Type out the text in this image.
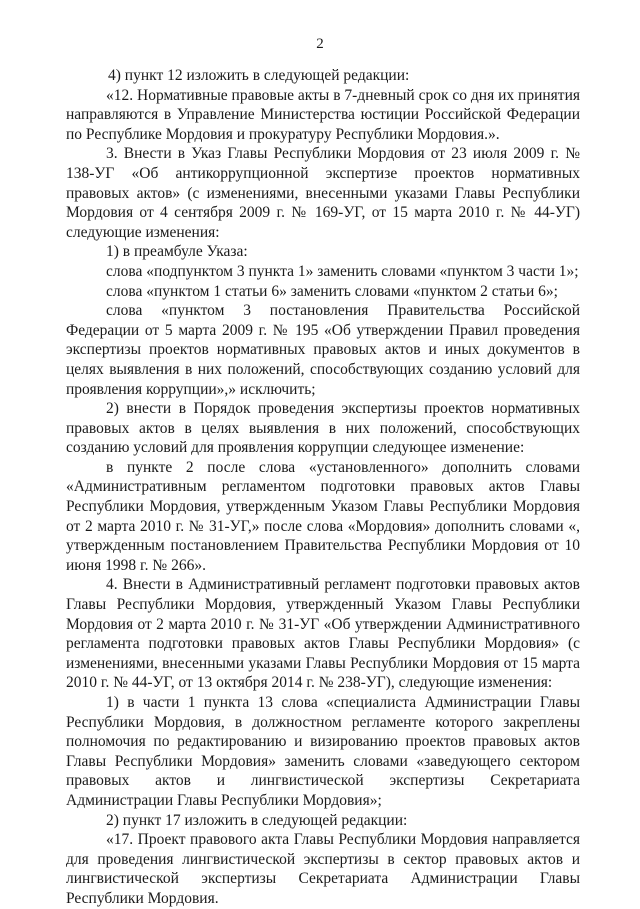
2

4) пункт 12 изложить в следующей редакции:

«12. Нормативные правовые акты в 7-дневный срок со дня их принятия направляются в Управление Министерства юстиции Российской Федерации по Республике Мордовия и прокуратуру Республики Мордовия.».

3. Внести в Указ Главы Республики Мордовия от 23 июля 2009 г. № 138-УГ «Об антикоррупционной экспертизе проектов нормативных правовых актов» (с изменениями, внесенными указами Главы Республики Мордовия от 4 сентября 2009 г. № 169-УГ, от 15 марта 2010 г. № 44-УГ) следующие изменения:

1) в преамбуле Указа:

слова «подпунктом 3 пункта 1» заменить словами «пунктом 3 части 1»;

слова «пунктом 1 статьи 6» заменить словами «пунктом 2 статьи 6»;

слова «пунктом 3 постановления Правительства Российской Федерации от 5 марта 2009 г. № 195 «Об утверждении Правил проведения экспертизы проектов нормативных правовых актов и иных документов в целях выявления в них положений, способствующих созданию условий для проявления коррупции»,» исключить;

2) внести в Порядок проведения экспертизы проектов нормативных правовых актов в целях выявления в них положений, способствующих созданию условий для проявления коррупции следующее изменение:

в пункте 2 после слова «установленного» дополнить словами «Административным регламентом подготовки правовых актов Главы Республики Мордовия, утвержденным Указом Главы Республики Мордовия от 2 марта 2010 г. № 31-УГ,» после слова «Мордовия» дополнить словами «, утвержденным постановлением Правительства Республики Мордовия от 10 июня 1998 г. № 266».

4. Внести в Административный регламент подготовки правовых актов Главы Республики Мордовия, утвержденный Указом Главы Республики Мордовия от 2 марта 2010 г. № 31-УГ «Об утверждении Административного регламента подготовки правовых актов Главы Республики Мордовия» (с изменениями, внесенными указами Главы Республики Мордовия от 15 марта 2010 г. № 44-УГ, от 13 октября 2014 г. № 238-УГ), следующие изменения:

1) в части 1 пункта 13 слова «специалиста Администрации Главы Республики Мордовия, в должностном регламенте которого закреплены полномочия по редактированию и визированию проектов правовых актов Главы Республики Мордовия» заменить словами «заведующего сектором правовых актов и лингвистической экспертизы Секретариата Администрации Главы Республики Мордовия»;

2) пункт 17 изложить в следующей редакции:

«17. Проект правового акта Главы Республики Мордовия направляется для проведения лингвистической экспертизы в сектор правовых актов и лингвистической экспертизы Секретариата Администрации Главы Республики Мордовия.
